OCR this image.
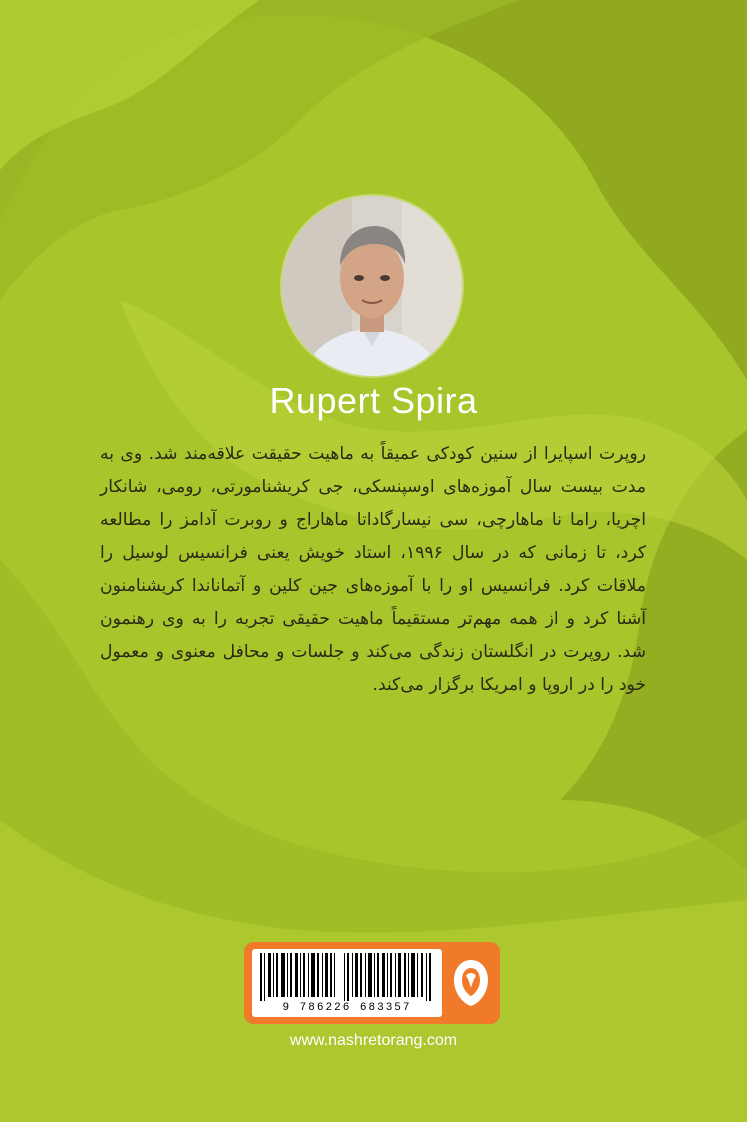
Rupert Spira

روپرت اسپایرا از سنین کودکی عمیقاً به ماهیت حقیقت علاقه‌مند شد. وی به مدت بیست سال آموزه‌های اوسپنسکی، جی کریشنامورتی، رومی، شانکار اچریا، راما نا ماهارچی، سی نیسارگاداتا ماهاراج و روبرت آدامز را مطالعه کرد، تا زمانی که در سال ۱۹۹۶، استاد خویش یعنی فرانسیس لوسیل را ملاقات کرد. فرانسیس او را با آموزه‌های جین کلین و آتماناندا کریشنامنون آشنا کرد و از همه مهم‌تر مستقیماً ماهیت حقیقی تجربه را به وی رهنمون شد. روپرت در انگلستان زندگی می‌کند و جلسات و محافل معنوی و معمول خود را در اروپا و امریکا برگزار می‌کند.

9 786226 683357
www.nashretorang.com
